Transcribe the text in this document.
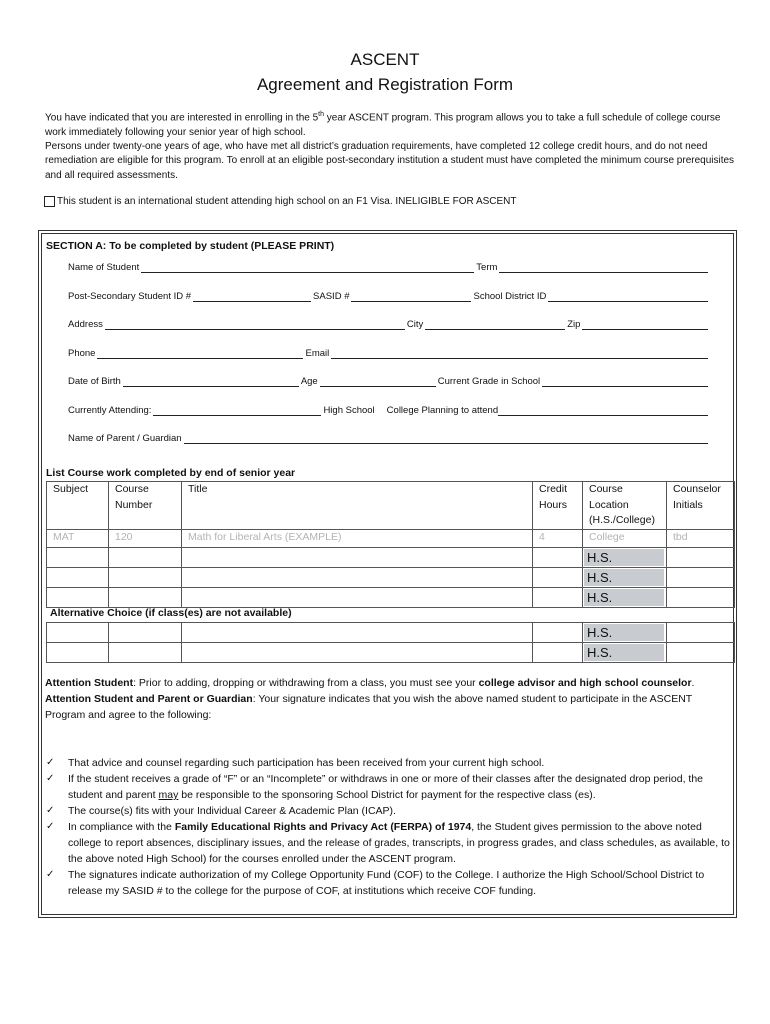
ASCENT
Agreement and Registration Form

You have indicated that you are interested in enrolling in the 5th year ASCENT program. This program allows you to take a full schedule of college course work immediately following your senior year of high school.

Persons under twenty-one years of age, who have met all district’s graduation requirements, have completed 12 college credit hours, and do not need remediation are eligible for this program. To enroll at an eligible post-secondary institution a student must have completed the minimum course prerequisites and all required assessments.

This student is an international student attending high school on an F1 Visa. INELIGIBLE FOR ASCENT
SECTION A: To be completed by student (PLEASE PRINT)
Name of Student	Term
Post-Secondary Student ID #	SASID #	School District ID
Address	City	Zip
Phone	Email
Date of Birth	Age	Current Grade in School
Currently Attending:	High School College Planning to attend
Name of Parent / Guardian
List Course work completed by end of senior year
Subject	Course Number	Title	Credit Hours	Course Location (H.S./College)	Counselor Initials
MAT	120	Math for Liberal Arts (EXAMPLE)	4	College	tbd

				H.S.	

				H.S.	

				H.S.	

Alternative Choice (if class(es) are not available)

				H.S.	

				H.S.	

Attention Student: Prior to adding, dropping or withdrawing from a class, you must see your college advisor and high school counselor.

Attention Student and Parent or Guardian: Your signature indicates that you wish the above named student to participate in the ASCENT Program and agree to the following:

✓ That advice and counsel regarding such participation has been received from your current high school.
✓ If the student receives a grade of “F” or an “Incomplete” or withdraws in one or more of their classes after the designated drop period, the student and parent may be responsible to the sponsoring School District for payment for the respective class (es).
✓ The course(s) fits with your Individual Career & Academic Plan (ICAP).
✓ In compliance with the Family Educational Rights and Privacy Act (FERPA) of 1974, the Student gives permission to the above noted college to report absences, disciplinary issues, and the release of grades, transcripts, in progress grades, and class schedules, as available, to the above noted High School) for the courses enrolled under the ASCENT program.
✓ The signatures indicate authorization of my College Opportunity Fund (COF) to the College. I authorize the High School/School District to release my SASID # to the college for the purpose of COF, at institutions which receive COF funding.
